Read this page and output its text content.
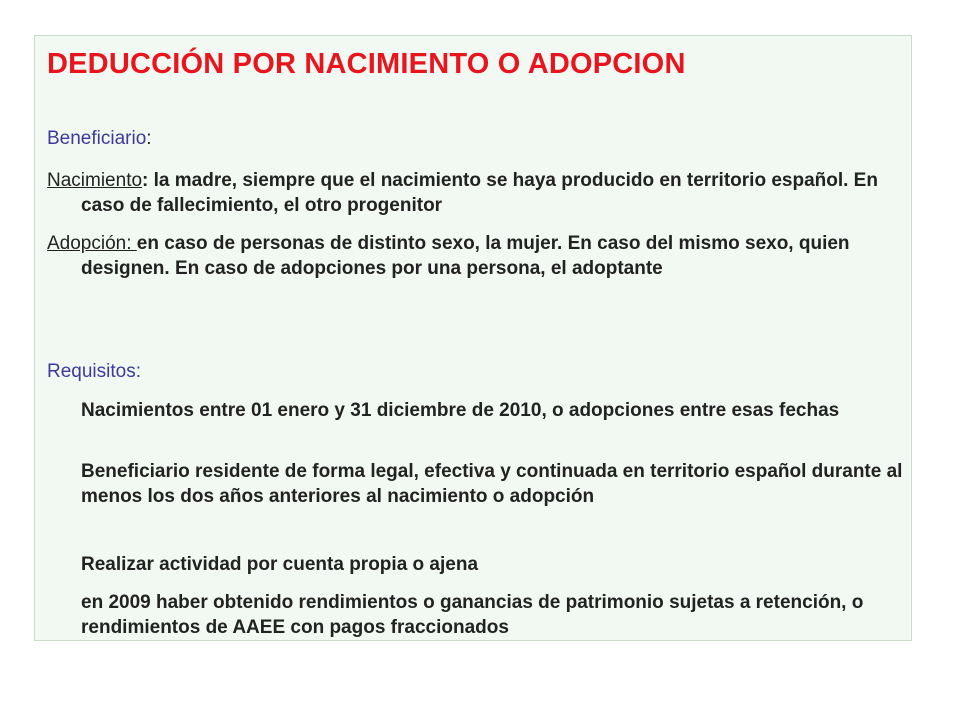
DEDUCCIÓN POR NACIMIENTO O ADOPCION
Beneficiario:

Nacimiento: la madre, siempre que el nacimiento se haya producido en territorio español. En caso de fallecimiento, el otro progenitor

Adopción: en caso de personas de distinto sexo, la mujer. En caso del mismo sexo, quien designen. En caso de adopciones por una persona, el adoptante

Requisitos:

Nacimientos entre 01 enero y 31 diciembre de 2010, o adopciones entre esas fechas

Beneficiario residente de forma legal, efectiva y continuada en territorio español durante al menos los dos años anteriores al nacimiento o adopción

Realizar actividad por cuenta propia o ajena

en 2009 haber obtenido rendimientos o ganancias de patrimonio sujetas a retención, o rendimientos de AAEE con pagos fraccionados
